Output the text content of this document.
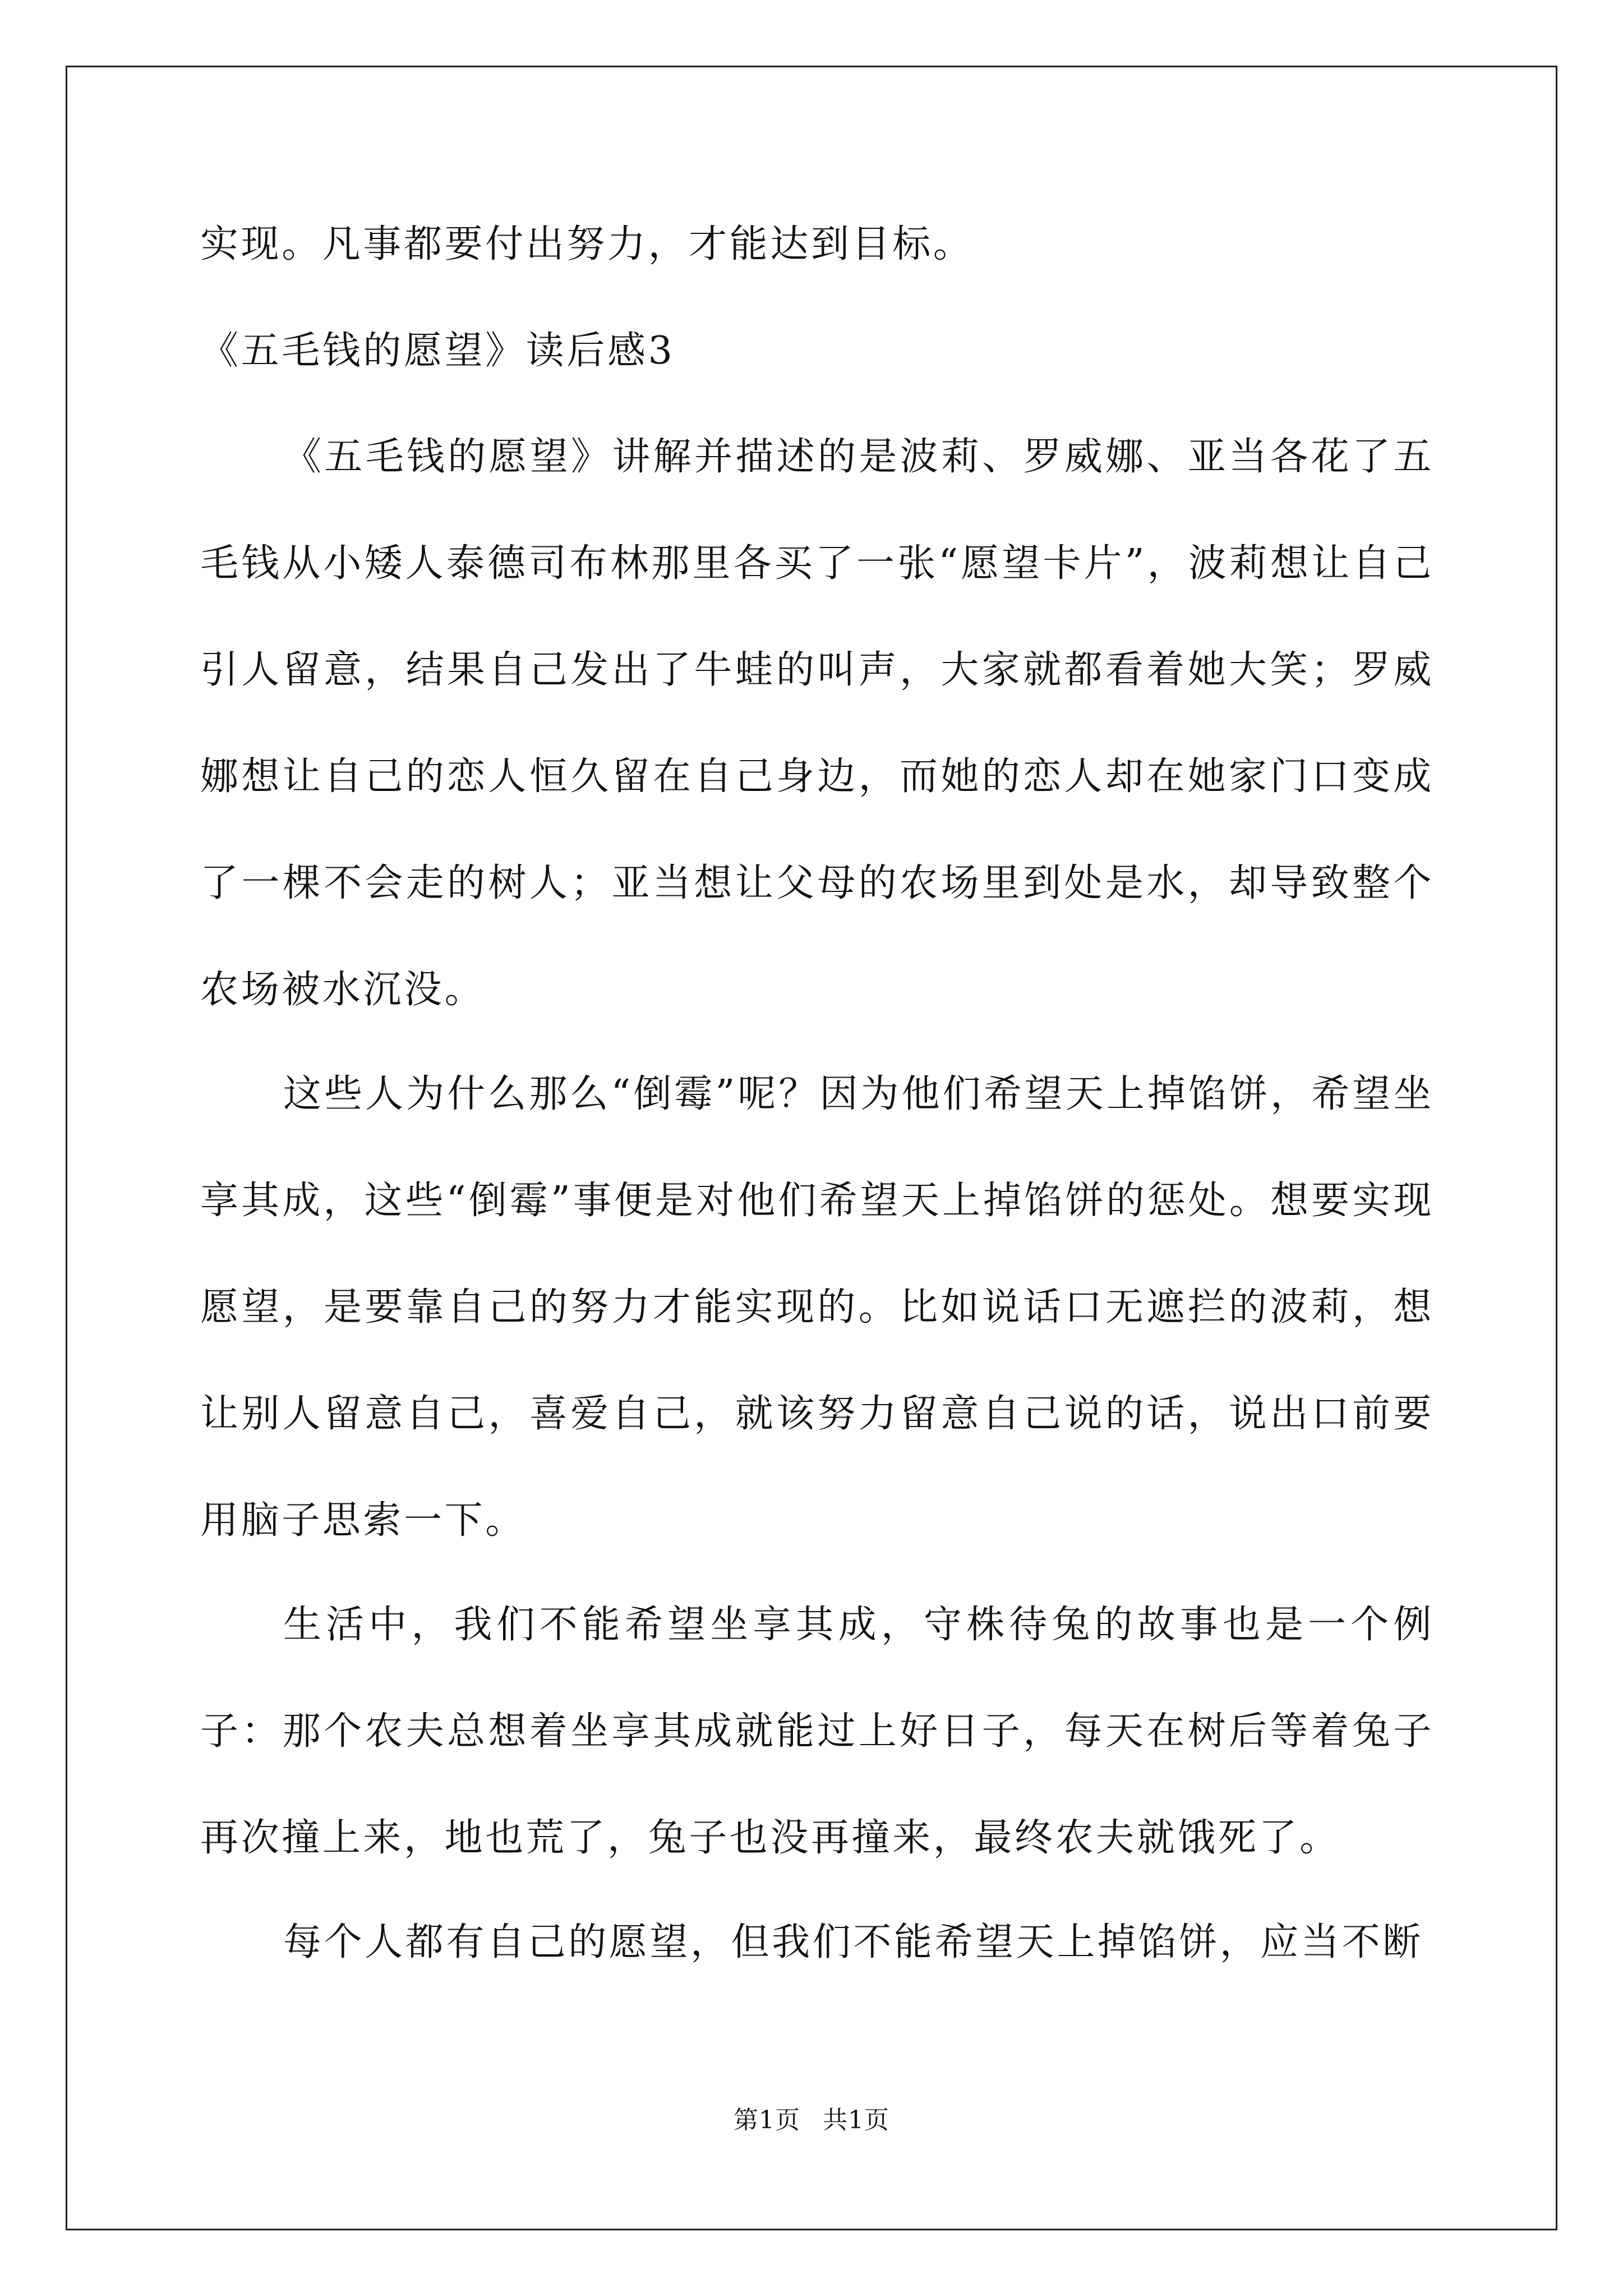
实现。凡事都要付出努力，才能达到目标。

《五毛钱的愿望》读后感3

《五毛钱的愿望》讲解并描述的是波莉、罗威娜、亚当各花了五毛钱从小矮人泰德司布林那里各买了一张“愿望卡片”，波莉想让自己引人留意，结果自己发出了牛蛙的叫声，大家就都看着她大笑；罗威娜想让自己的恋人恒久留在自己身边，而她的恋人却在她家门口变成了一棵不会走的树人；亚当想让父母的农场里到处是水，却导致整个农场被水沉没。

这些人为什么那么“倒霉”呢？因为他们希望天上掉馅饼，希望坐享其成，这些“倒霉”事便是对他们希望天上掉馅饼的惩处。想要实现愿望，是要靠自己的努力才能实现的。比如说话口无遮拦的波莉，想让别人留意自己，喜爱自己，就该努力留意自己说的话，说出口前要用脑子思索一下。

生活中，我们不能希望坐享其成，守株待兔的故事也是一个例子：那个农夫总想着坐享其成就能过上好日子，每天在树后等着兔子再次撞上来，地也荒了，兔子也没再撞来，最终农夫就饿死了。

每个人都有自己的愿望，但我们不能希望天上掉馅饼，应当不断

第1页 共1页
